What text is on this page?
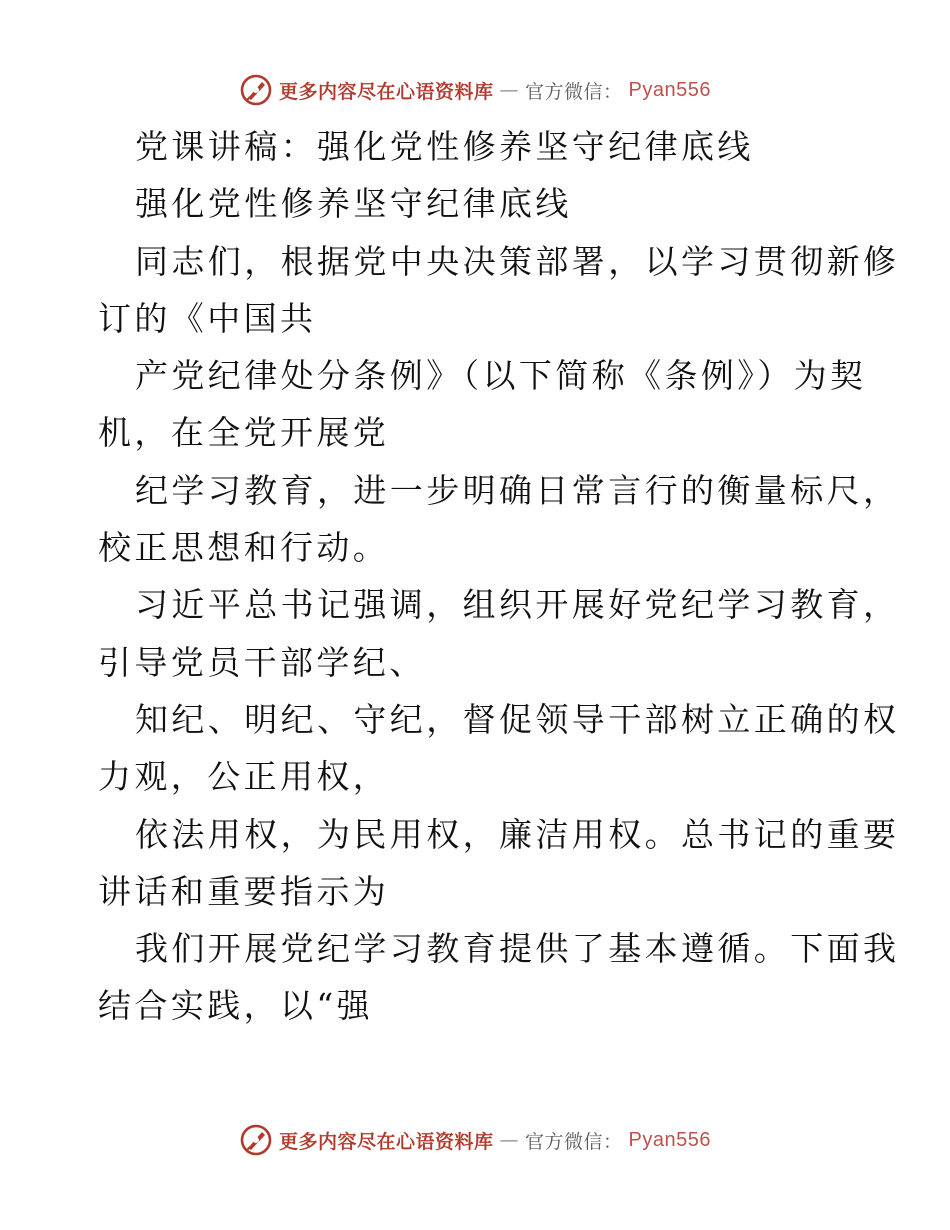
更多内容尽在心语资料库 — 官方微信： Pyan556
党课讲稿：强化党性修养坚守纪律底线
强化党性修养坚守纪律底线
同志们，根据党中央决策部署，以学习贯彻新修
订的《中国共
产党纪律处分条例》（以下简称《条例》）为契
机，在全党开展党
纪学习教育，进一步明确日常言行的衡量标尺，
校正思想和行动。
习近平总书记强调，组织开展好党纪学习教育，
引导党员干部学纪、
知纪、明纪、守纪，督促领导干部树立正确的权
力观，公正用权，
依法用权，为民用权，廉洁用权。总书记的重要
讲话和重要指示为
我们开展党纪学习教育提供了基本遵循。下面我
结合实践，以“强
更多内容尽在心语资料库 — 官方微信： Pyan556
